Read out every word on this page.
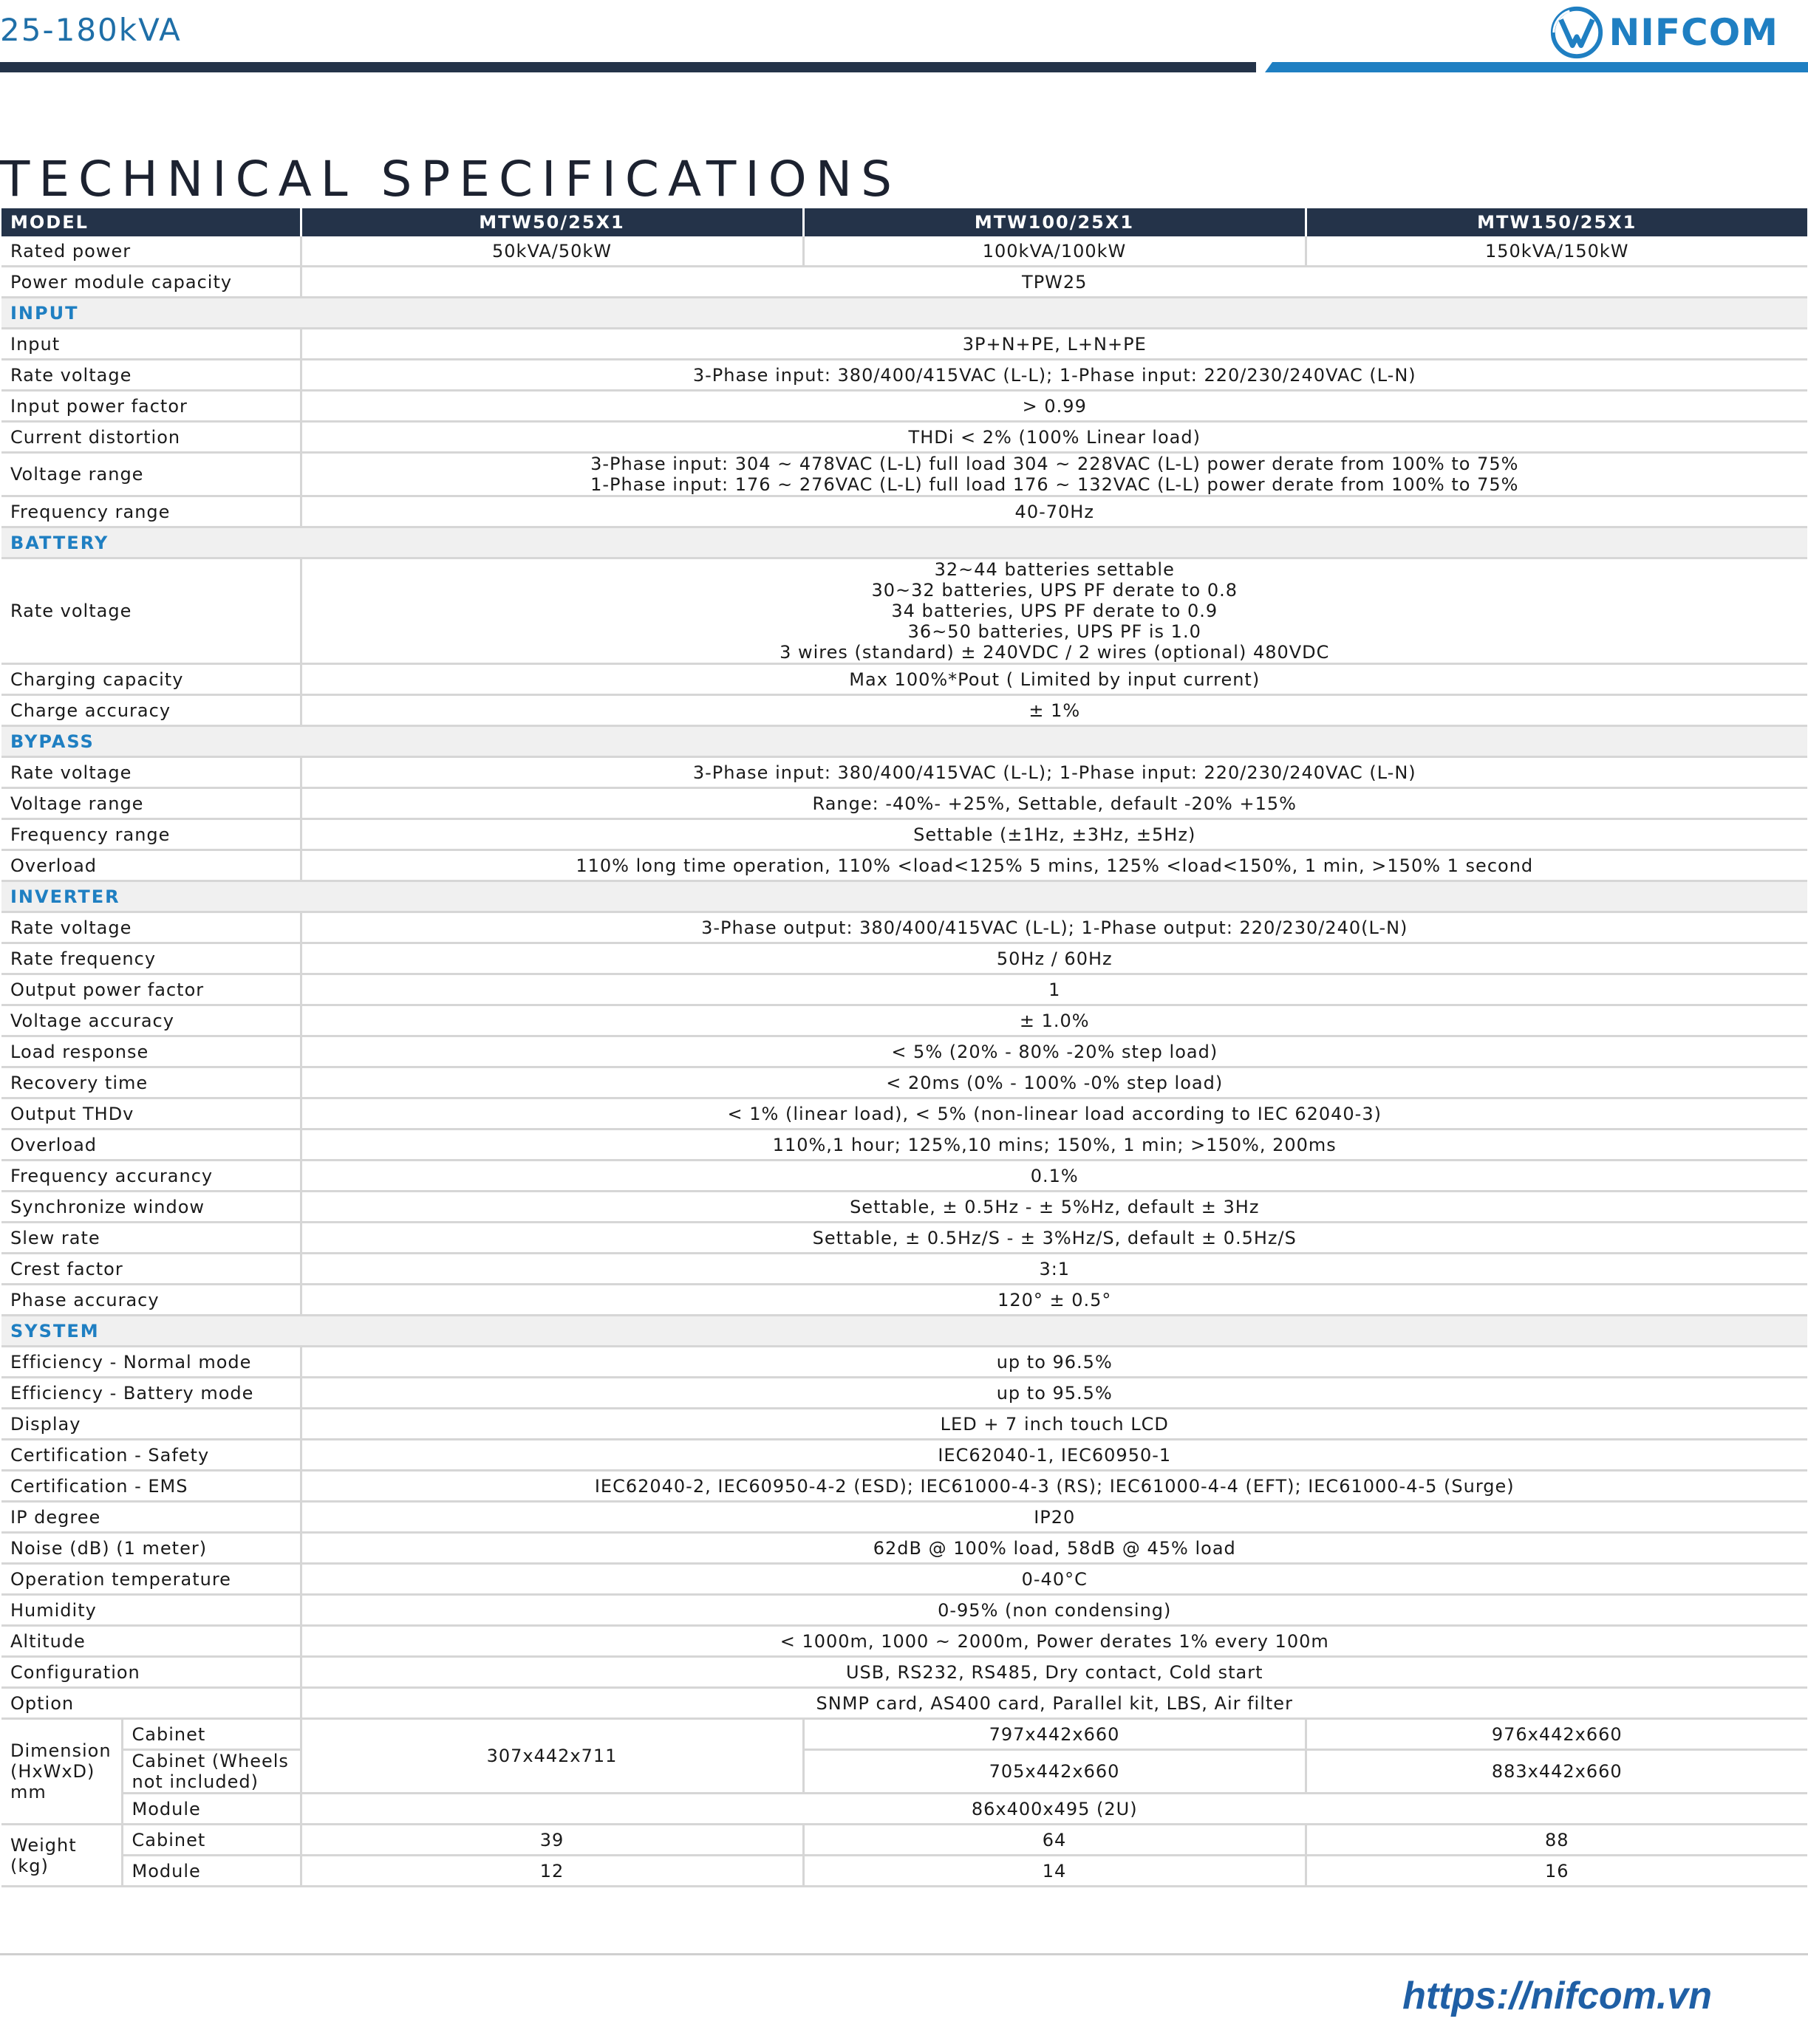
25-180kVA	NIFCOM
TECHNICAL SPECIFICATIONS
MODEL		MTW50/25X1	MTW100/25X1	MTW150/25X1
Rated power		50kVA/50kW	100kVA/100kW	150kVA/150kW
Power module capacity		TPW25		
INPUT				
Input		3P+N+PE, L+N+PE		
Rate voltage		3-Phase input: 380/400/415VAC (L-L); 1-Phase input: 220/230/240VAC (L-N)		
Input power factor		> 0.99		
Current distortion		THDi < 2% (100% Linear load)		
Voltage range		3-Phase input: 304 ~ 478VAC (L-L) full load 304 ~ 228VAC (L-L) power derate from 100% to 75%
1-Phase input: 176 ~ 276VAC (L-L) full load 176 ~ 132VAC (L-L) power derate from 100% to 75%		

Frequency range		40-70Hz		
BATTERY				
Rate voltage		32~44 batteries settable
30~32 batteries, UPS PF derate to 0.8
34 batteries, UPS PF derate to 0.9
36~50 batteries, UPS PF is 1.0
3 wires (standard) ± 240VDC / 2 wires (optional) 480VDC		

Charging capacity		Max 100%*Pout ( Limited by input current)		
Charge accuracy		± 1%		
BYPASS				
Rate voltage		3-Phase input: 380/400/415VAC (L-L); 1-Phase input: 220/230/240VAC (L-N)		
Voltage range		Range: -40%- +25%, Settable, default -20% +15%		
Frequency range		Settable (±1Hz, ±3Hz, ±5Hz)		
Overload		110% long time operation, 110% <load<125% 5 mins, 125% <load<150%, 1 min, >150% 1 second		
INVERTER				
Rate voltage		3-Phase output: 380/400/415VAC (L-L); 1-Phase output: 220/230/240(L-N)		
Rate frequency		50Hz / 60Hz		
Output power factor		1		
Voltage accuracy		± 1.0%		
Load response		< 5% (20% - 80% -20% step load)		
Recovery time		< 20ms (0% - 100% -0% step load)		
Output THDv		< 1% (linear load), < 5% (non-linear load according to IEC 62040-3)		
Overload		110%,1 hour; 125%,10 mins; 150%, 1 min; >150%, 200ms		
Frequency accurancy		0.1%		
Synchronize window		Settable, ± 0.5Hz - ± 5%Hz, default ± 3Hz		
Slew rate		Settable, ± 0.5Hz/S - ± 3%Hz/S, default ± 0.5Hz/S		
Crest factor		3:1		
Phase accuracy		120° ± 0.5°		
SYSTEM				
Efficiency - Normal mode		up to 96.5%		
Efficiency - Battery mode		up to 95.5%		
Display		LED + 7 inch touch LCD		
Certification - Safety		IEC62040-1, IEC60950-1		
Certification - EMS		IEC62040-2, IEC60950-4-2 (ESD); IEC61000-4-3 (RS); IEC61000-4-4 (EFT); IEC61000-4-5 (Surge)		
IP degree		IP20		
Noise (dB) (1 meter)		62dB @ 100% load, 58dB @ 45% load		
Operation temperature		0-40°C		
Humidity		0-95% (non condensing)		
Altitude		< 1000m, 1000 ~ 2000m, Power derates 1% every 100m		
Configuration		USB, RS232, RS485, Dry contact, Cold start		
Option		SNMP card, AS400 card, Parallel kit, LBS, Air filter		
Dimension (HxWxD) mm	Cabinet	307x442x711	797x442x660	976x442x660
	Cabinet (Wheels not included)		705x442x660	883x442x660
	Module	86x400x495 (2U)		
Weight (kg)	Cabinet	39	64	88
	Module	12	14	16
https://nifcom.vn
